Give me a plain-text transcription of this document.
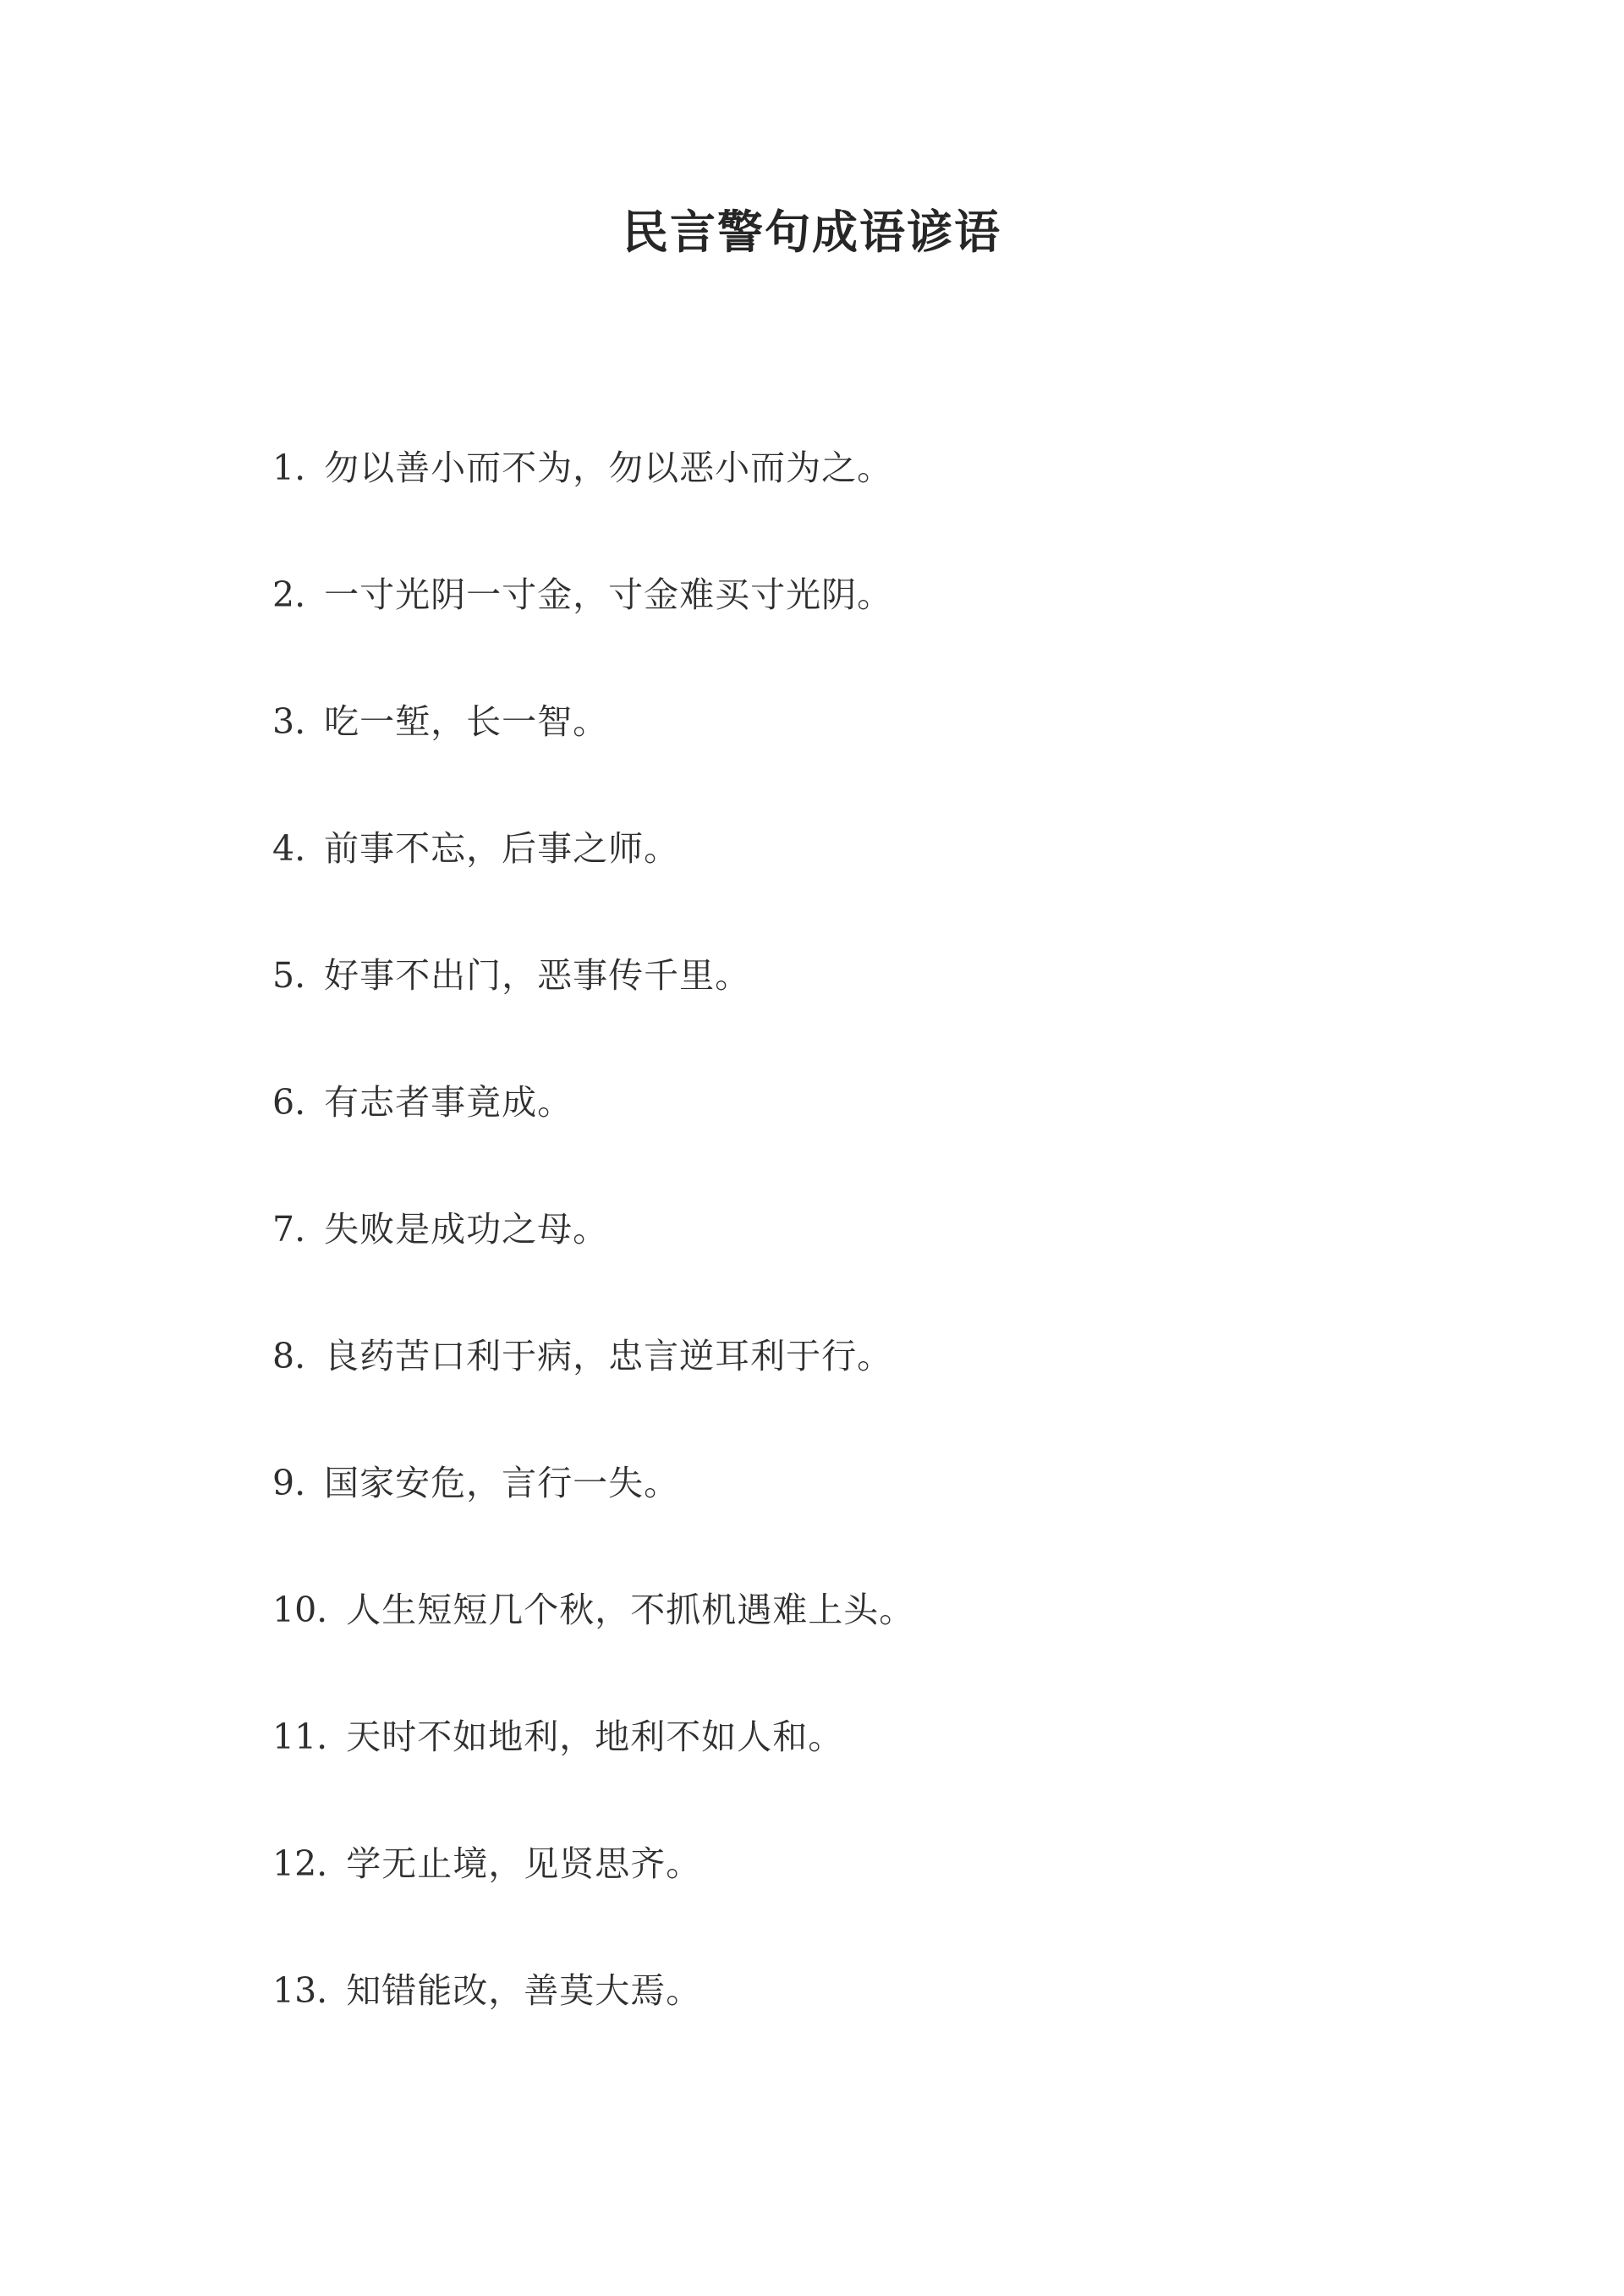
民言警句成语谚语
1. 勿以善小而不为，勿以恶小而为之。
2. 一寸光阴一寸金，寸金难买寸光阴。
3. 吃一堑，长一智。
4. 前事不忘，后事之师。
5. 好事不出门，恶事传千里。
6. 有志者事竟成。
7. 失败是成功之母。
8. 良药苦口利于病，忠言逆耳利于行。
9. 国家安危，言行一失。
10. 人生短短几个秋，不抓机遇难上头。
11. 天时不如地利，地利不如人和。
12. 学无止境，见贤思齐。
13. 知错能改，善莫大焉。
